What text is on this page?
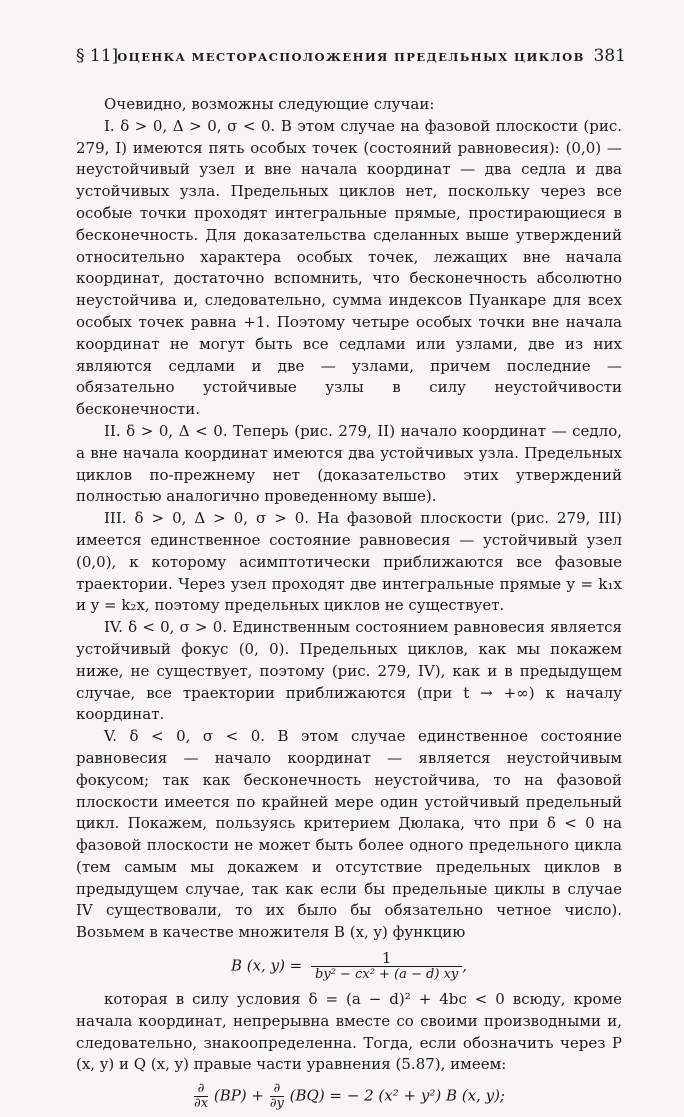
§ 11] ОЦЕНКА МЕСТОРАСПОЛОЖЕНИЯ ПРЕДЕЛЬНЫХ ЦИКЛОВ 381

Очевидно, возможны следующие случаи:

I. δ > 0, Δ > 0, σ < 0. В этом случае на фазовой плоскости (рис. 279, I) имеются пять особых точек (состояний равновесия): (0,0) — неустойчивый узел и вне начала координат — два седла и два устойчивых узла. Предельных циклов нет, поскольку через все особые точки проходят интегральные прямые, простирающиеся в бесконечность. Для доказательства сделанных выше утверждений относительно характера особых точек, лежащих вне начала координат, достаточно вспомнить, что бесконечность абсолютно неустойчива и, следовательно, сумма индексов Пуанкаре для всех особых точек равна +1. Поэтому четыре особых точки вне начала координат не могут быть все седлами или узлами, две из них являются седлами и две — узлами, причем последние — обязательно устойчивые узлы в силу неустойчивости бесконечности.

II. δ > 0, Δ < 0. Теперь (рис. 279, II) начало координат — седло, а вне начала координат имеются два устойчивых узла. Предельных циклов по-прежнему нет (доказательство этих утверждений полностью аналогично проведенному выше).

III. δ > 0, Δ > 0, σ > 0. На фазовой плоскости (рис. 279, III) имеется единственное состояние равновесия — устойчивый узел (0,0), к которому асимптотически приближаются все фазовые траектории. Через узел проходят две интегральные прямые y = k₁x и y = k₂x, поэтому предельных циклов не существует.

IV. δ < 0, σ > 0. Единственным состоянием равновесия является устойчивый фокус (0, 0). Предельных циклов, как мы покажем ниже, не существует, поэтому (рис. 279, IV), как и в предыдущем случае, все траектории приближаются (при t → +∞) к началу координат.

V. δ < 0, σ < 0. В этом случае единственное состояние равновесия — начало координат — является неустойчивым фокусом; так как бесконечность неустойчива, то на фазовой плоскости имеется по крайней мере один устойчивый предельный цикл. Покажем, пользуясь критерием Дюлака, что при δ < 0 на фазовой плоскости не может быть более одного предельного цикла (тем самым мы докажем и отсутствие предельных циклов в предыдущем случае, так как если бы предельные циклы в случае IV существовали, то их было бы обязательно четное число). Возьмем в качестве множителя B (x, y) функцию

B (x, $y) = \frac{1}{\text{by² − cx² + (a − d) xy}}$ ,

которая в силу условия δ = (a − d)² + 4bc < 0 всюду, кроме начала координат, непрерывна вместе со своими производными и, следовательно, знакоопределенна. Тогда, если обозначить через P (x, y) и Q (x, y) правые части уравнения (5.87), имеем:

∂
∂x (BP) + ∂
∂y (BQ) = − 2 (x² + y²) B (x, y);
